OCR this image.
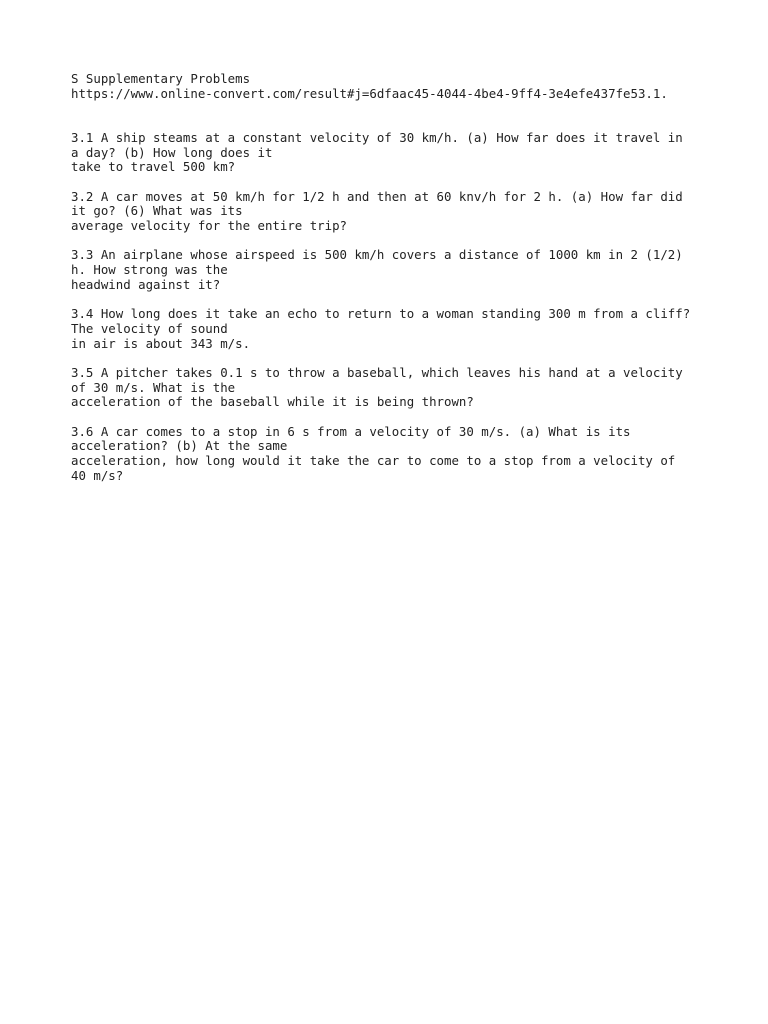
S Supplementary Problems
https://www.online-convert.com/result#j=6dfaac45-4044-4be4-9ff4-3e4efe437fe53.1.
3.1 A ship steams at a constant velocity of 30 km/h. (a) How far does it travel in
a day? (b) How long does it
take to travel 500 km?
3.2 A car moves at 50 km/h for 1/2 h and then at 60 knv/h for 2 h. (a) How far did
it go? (6) What was its
average velocity for the entire trip?
3.3 An airplane whose airspeed is 500 km/h covers a distance of 1000 km in 2 (1/2)
h. How strong was the
headwind against it?
3.4 How long does it take an echo to return to a woman standing 300 m from a cliff?
The velocity of sound
in air is about 343 m/s.
3.5 A pitcher takes 0.1 s to throw a baseball, which leaves his hand at a velocity
of 30 m/s. What is the
acceleration of the baseball while it is being thrown?
3.6 A car comes to a stop in 6 s from a velocity of 30 m/s. (a) What is its
acceleration? (b) At the same
acceleration, how long would it take the car to come to a stop from a velocity of
40 m/s?
